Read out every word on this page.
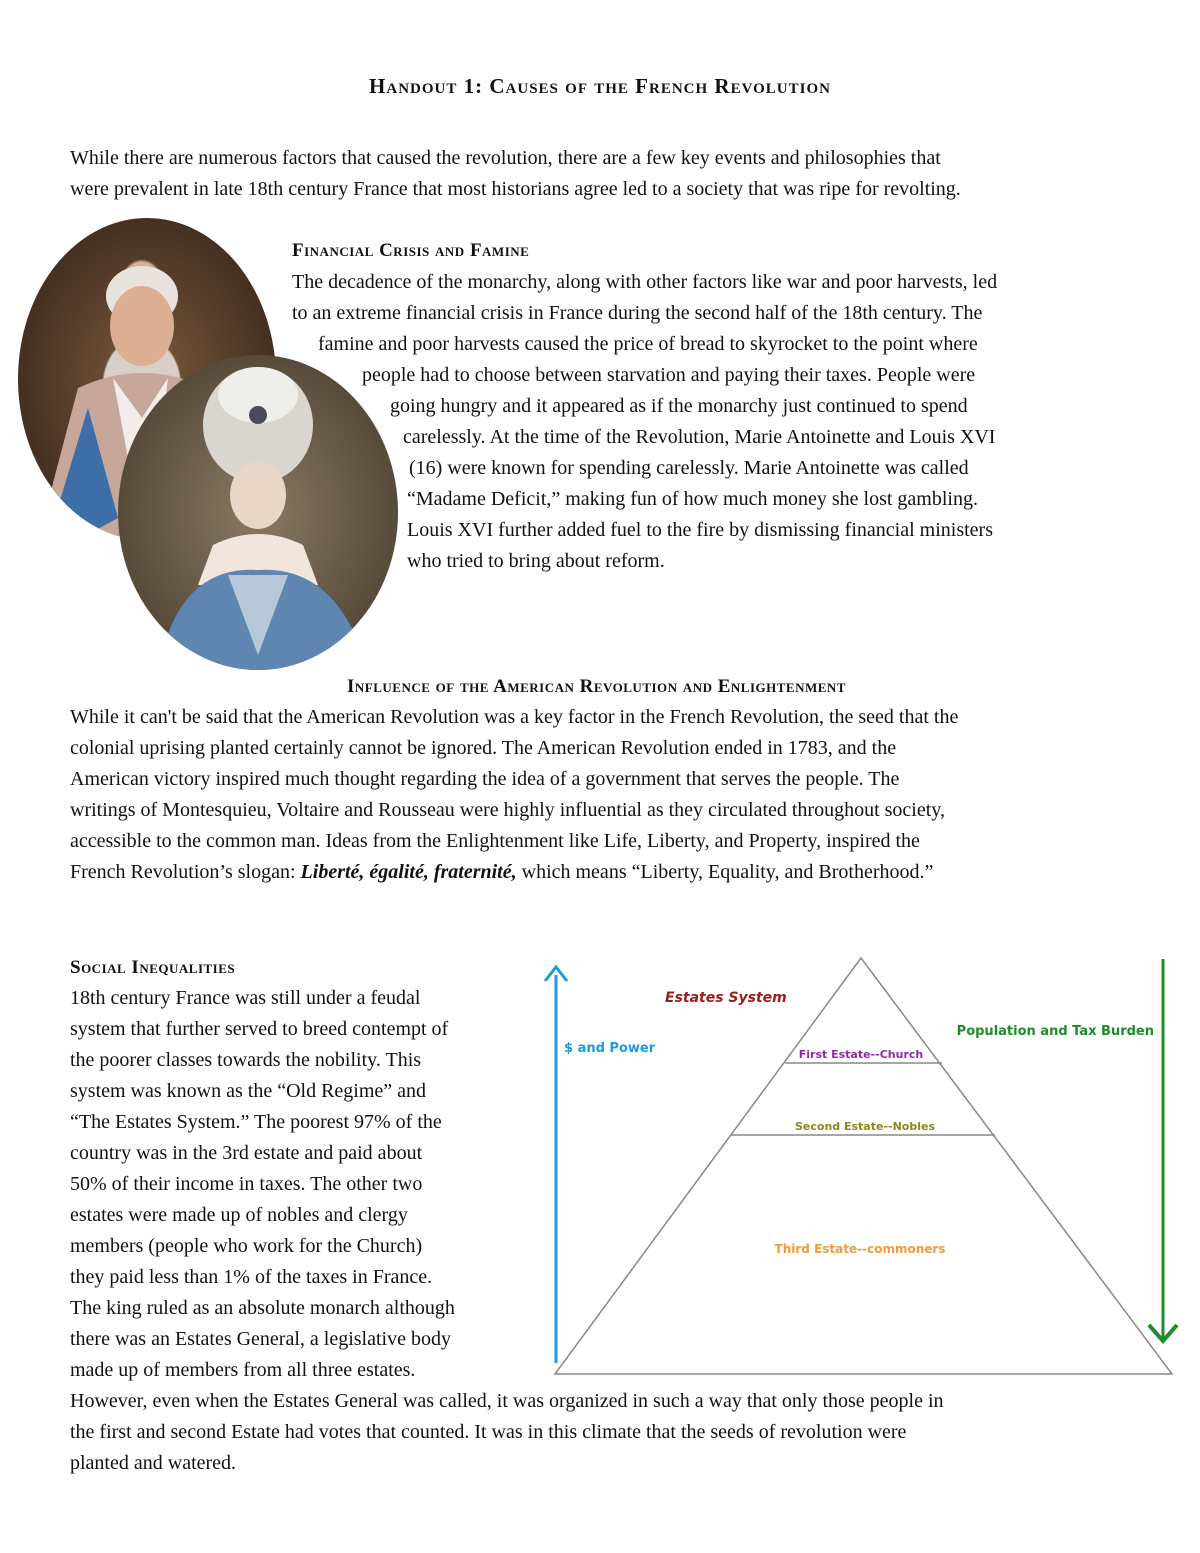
Handout 1: Causes of the French Revolution
While there are numerous factors that caused the revolution, there are a few key events and philosophies that
were prevalent in late 18th century France that most historians agree led to a society that was ripe for revolting.
Financial Crisis and Famine
The decadence of the monarchy, along with other factors like war and poor harvests, led
to an extreme financial crisis in France during the second half of the 18th century. The
famine and poor harvests caused the price of bread to skyrocket to the point where
people had to choose between starvation and paying their taxes. People were
going hungry and it appeared as if the monarchy just continued to spend
carelessly. At the time of the Revolution, Marie Antoinette and Louis XVI
(16) were known for spending carelessly. Marie Antoinette was called
“Madame Deficit,” making fun of how much money she lost gambling.
Louis XVI further added fuel to the fire by dismissing financial ministers
who tried to bring about reform.
Influence of the American Revolution and Enlightenment
While it can't be said that the American Revolution was a key factor in the French Revolution, the seed that the
colonial uprising planted certainly cannot be ignored. The American Revolution ended in 1783, and the
American victory inspired much thought regarding the idea of a government that serves the people. The
writings of Montesquieu, Voltaire and Rousseau were highly influential as they circulated throughout society,
accessible to the common man. Ideas from the Enlightenment like Life, Liberty, and Property, inspired the
French Revolution’s slogan: Liberté, égalité, fraternité, which means “Liberty, Equality, and Brotherhood.”
Social Inequalities
18th century France was still under a feudal
system that further served to breed contempt of
the poorer classes towards the nobility. This
system was known as the “Old Regime” and
“The Estates System.” The poorest 97% of the
country was in the 3rd estate and paid about
50% of their income in taxes. The other two
estates were made up of nobles and clergy
members (people who work for the Church)
they paid less than 1% of the taxes in France.
The king ruled as an absolute monarch although
there was an Estates General, a legislative body
made up of members from all three estates.
However, even when the Estates General was called, it was organized in such a way that only those people in
the first and second Estate had votes that counted. It was in this climate that the seeds of revolution were
planted and watered.
Estates System
$ and Power
Population and Tax Burden
First Estate--Church
Second Estate--Nobles
Third Estate--commoners
